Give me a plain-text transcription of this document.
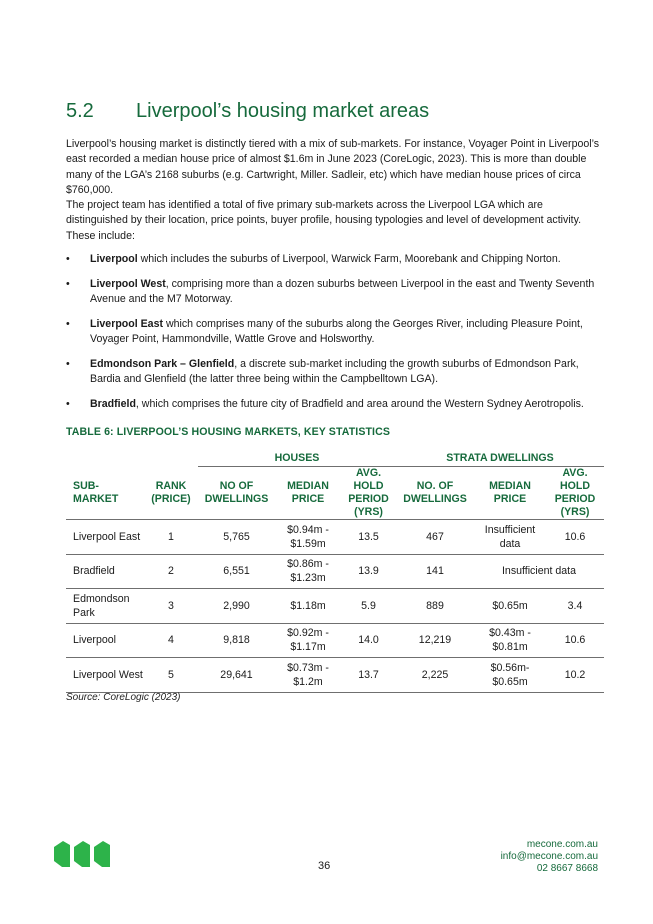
5.2 Liverpool’s housing market areas

Liverpool’s housing market is distinctly tiered with a mix of sub-markets. For instance, Voyager Point in Liverpool’s east recorded a median house price of almost $1.6m in June 2023 (CoreLogic, 2023). This is more than double many of the LGA’s 2168 suburbs (e.g. Cartwright, Miller. Sadleir, etc) which have median house prices of circa $760,000.

The project team has identified a total of five primary sub-markets across the Liverpool LGA which are distinguished by their location, price points, buyer profile, housing typologies and level of development activity. These include:

• Liverpool which includes the suburbs of Liverpool, Warwick Farm, Moorebank and Chipping Norton.
• Liverpool West, comprising more than a dozen suburbs between Liverpool in the east and Twenty Seventh Avenue and the M7 Motorway.
• Liverpool East which comprises many of the suburbs along the Georges River, including Pleasure Point, Voyager Point, Hammondville, Wattle Grove and Holsworthy.
• Edmondson Park – Glenfield, a discrete sub-market including the growth suburbs of Edmondson Park, Bardia and Glenfield (the latter three being within the Campbelltown LGA).
• Bradfield, which comprises the future city of Bradfield and area around the Western Sydney Aerotropolis.
TABLE 6: LIVERPOOL’S HOUSING MARKETS, KEY STATISTICS
		HOUSES			STRATA DWELLINGS		
SUB-MARKET	RANK (PRICE)	NO OF DWELLINGS	MEDIAN PRICE	AVG. HOLD PERIOD (YRS)	NO. OF DWELLINGS	MEDIAN PRICE	AVG. HOLD PERIOD (YRS)
Liverpool East	1	5,765	$0.94m - $1.59m	13.5	467	Insufficient data	10.6
Bradfield	2	6,551	$0.86m - $1.23m	13.9	141	Insufficient data	
Edmondson Park	3	2,990	$1.18m	5.9	889	$0.65m	3.4
Liverpool	4	9,818	$0.92m - $1.17m	14.0	12,219	$0.43m - $0.81m	10.6
Liverpool West	5	29,641	$0.73m - $1.2m	13.7	2,225	$0.56m- $0.65m	10.2
Source: CoreLogic (2023)
36
mecone.com.au
info@mecone.com.au
02 8667 8668
